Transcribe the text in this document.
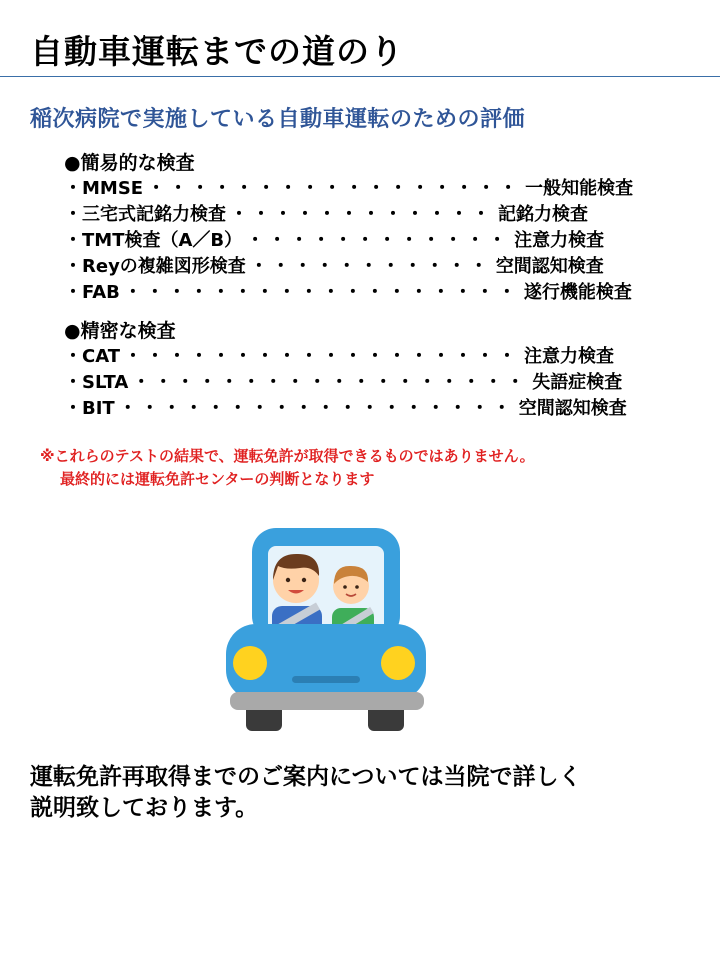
自動車運転までの道のり
稲次病院で実施している自動車運転のための評価
●簡易的な検査
・ MMSE ・・・・・・・・・・・・・・・・・ 一般知能検査
・ 三宅式記銘力検査 ・・・・・・・・・・・・ 記銘力検査
・ TMT検査（A／B） ・・・・・・・・・・・・ 注意力検査
・ Reyの複雑図形検査 ・・・・・・・・・・・ 空間認知検査
・ FAB ・・・・・・・・・・・・・・・・・・ 遂行機能検査
●精密な検査
・ CAT ・・・・・・・・・・・・・・・・・・ 注意力検査
・ SLTA ・・・・・・・・・・・・・・・・・・ 失語症検査
・ BIT ・・・・・・・・・・・・・・・・・・ 空間認知検査
※これらのテストの結果で、運転免許が取得できるものではありません。
最終的には運転免許センターの判断となります
運転免許再取得までのご案内については当院で詳しく
説明致しております。
